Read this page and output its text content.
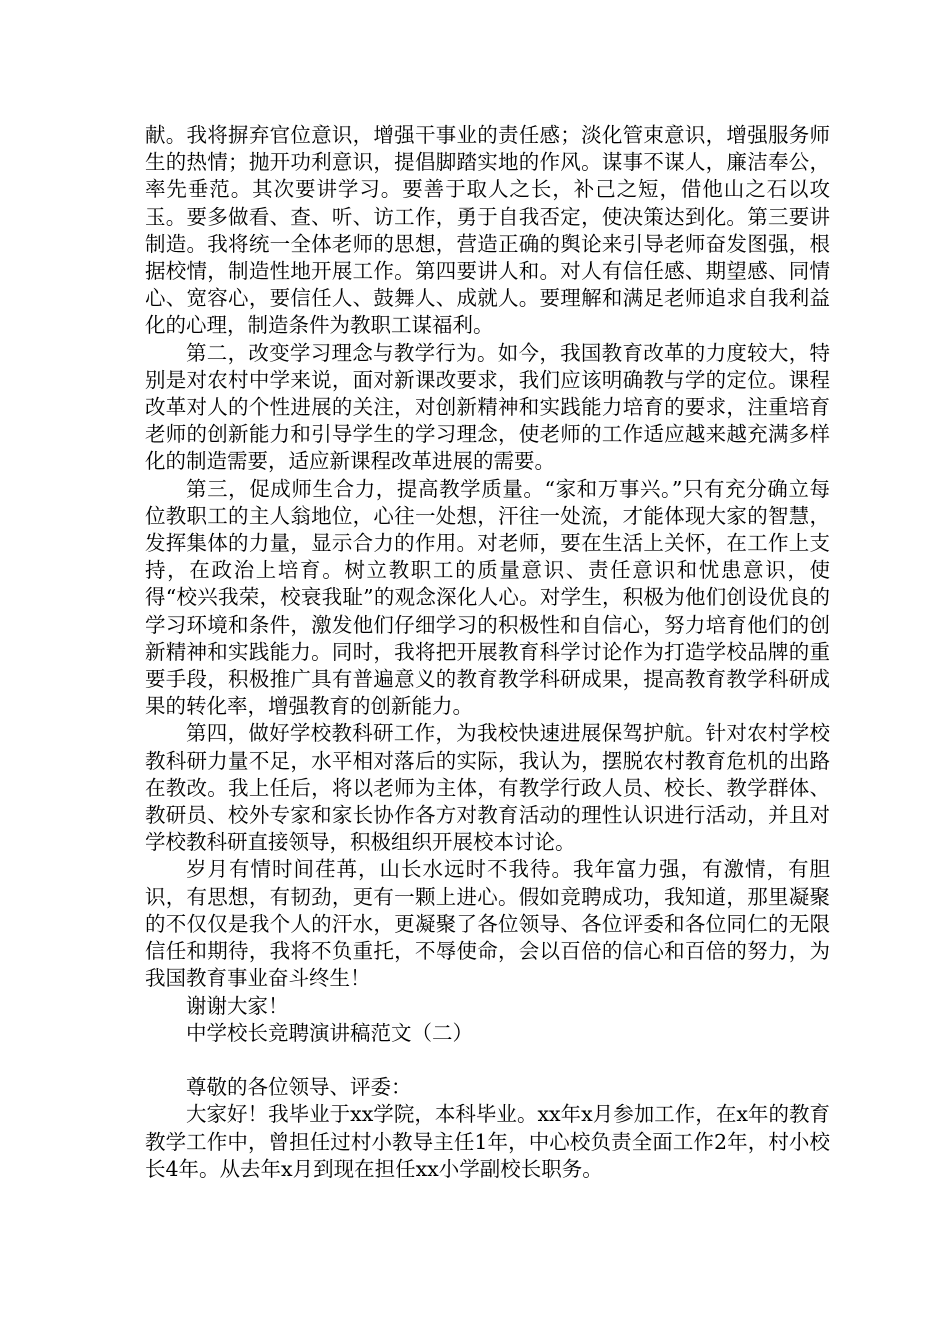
献。我将摒弃官位意识，增强干事业的责任感；淡化管束意识，增强服务师生的热情；抛开功利意识，提倡脚踏实地的作风。谋事不谋人，廉洁奉公，率先垂范。其次要讲学习。要善于取人之长，补己之短，借他山之石以攻玉。要多做看、查、听、访工作，勇于自我否定，使决策达到化。第三要讲制造。我将统一全体老师的思想，营造正确的舆论来引导老师奋发图强，根据校情，制造性地开展工作。第四要讲人和。对人有信任感、期望感、同情心、宽容心，要信任人、鼓舞人、成就人。要理解和满足老师追求自我利益化的心理，制造条件为教职工谋福利。

第二，改变学习理念与教学行为。如今，我国教育改革的力度较大，特别是对农村中学来说，面对新课改要求，我们应该明确教与学的定位。课程改革对人的个性进展的关注，对创新精神和实践能力培育的要求，注重培育老师的创新能力和引导学生的学习理念，使老师的工作适应越来越充满多样化的制造需要，适应新课程改革进展的需要。

第三，促成师生合力，提高教学质量。“家和万事兴。”只有充分确立每位教职工的主人翁地位，心往一处想，汗往一处流，才能体现大家的智慧，发挥集体的力量，显示合力的作用。对老师，要在生活上关怀，在工作上支持，在政治上培育。树立教职工的质量意识、责任意识和忧患意识，使得“校兴我荣，校衰我耻”的观念深化人心。对学生，积极为他们创设优良的学习环境和条件，激发他们仔细学习的积极性和自信心，努力培育他们的创新精神和实践能力。同时，我将把开展教育科学讨论作为打造学校品牌的重要手段，积极推广具有普遍意义的教育教学科研成果，提高教育教学科研成果的转化率，增强教育的创新能力。

第四，做好学校教科研工作，为我校快速进展保驾护航。针对农村学校教科研力量不足，水平相对落后的实际，我认为，摆脱农村教育危机的出路在教改。我上任后，将以老师为主体，有教学行政人员、校长、教学群体、教研员、校外专家和家长协作各方对教育活动的理性认识进行活动，并且对学校教科研直接领导，积极组织开展校本讨论。

岁月有情时间荏苒，山长水远时不我待。我年富力强，有激情，有胆识，有思想，有韧劲，更有一颗上进心。假如竞聘成功，我知道，那里凝聚的不仅仅是我个人的汗水，更凝聚了各位领导、各位评委和各位同仁的无限信任和期待，我将不负重托，不辱使命，会以百倍的信心和百倍的努力，为我国教育事业奋斗终生！

谢谢大家！

中学校长竞聘演讲稿范文（二）

尊敬的各位领导、评委：

大家好！我毕业于xx学院，本科毕业。xx年x月参加工作，在x年的教育教学工作中，曾担任过村小教导主任1年，中心校负责全面工作2年，村小校长4年。从去年x月到现在担任xx小学副校长职务。
